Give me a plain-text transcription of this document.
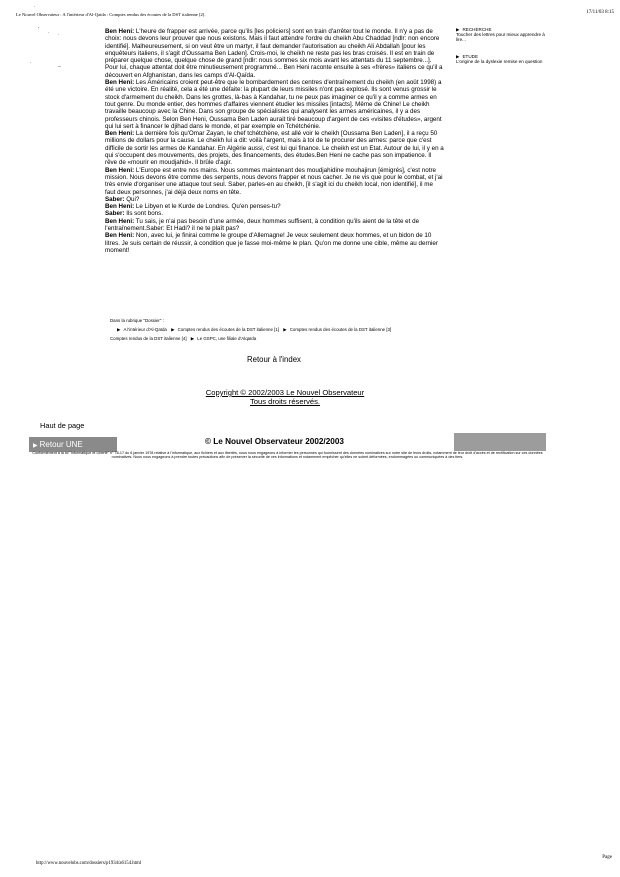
Le Nouvel Observateur : A l'intérieur d'Al-Qaïda : Comptes rendus des écoutes de la DST italienne [2].	17/11/03 8:15
·
' · ·
–
·

Ben Heni: L'heure de frapper est arrivée, parce qu'ils [les policiers] sont en train d'arrêter tout le monde. Il n'y a pas de choix: nous devons leur prouver que nous existons. Mais il faut attendre l'ordre du cheikh Abu Chaddad [ndlr: non encore identifié]. Malheureusement, si on veut être un martyr, il faut demander l'autorisation au cheikh Ali Abdallah [pour les enquêteurs italiens, il s'agit d'Oussama Ben Laden]. Crois-moi, le cheikh ne reste pas les bras croisés. Il est en train de préparer quelque chose, quelque chose de grand [ndlr: nous sommes six mois avant les attentats du 11 septembre...]. Pour lui, chaque attentat doit être minutieusement programmé... Ben Heni raconte ensuite à ses «frères» italiens ce qu'il a découvert en Afghanistan, dans les camps d'Al-Qaïda.

Ben Heni: Les Américains croient peut-être que le bombardement des centres d'entraînement du cheikh (en août 1998) a été une victoire. En réalité, cela a été une défaite: la plupart de leurs missiles n'ont pas explosé. Ils sont venus grossir le stock d'armement du cheikh. Dans les grottes, là-bas à Kandahar, tu ne peux pas imaginer ce qu'il y a comme armes en tout genre. Du monde entier, des hommes d'affaires viennent étudier les missiles [intacts]. Même de Chine! Le cheikh travaille beaucoup avec la Chine. Dans son groupe de spécialistes qui analysent les armes américaines, il y a des professeurs chinois. Selon Ben Heni, Oussama Ben Laden aurait tiré beaucoup d'argent de ces «visites d'études», argent qui lui sert à financer le djihad dans le monde, et par exemple en Tchétchénie.

Ben Heni: La dernière fois qu'Omar Zayan, le chef tchétchène, est allé voir le cheikh [Oussama Ben Laden], il a reçu 50 millions de dollars pour la cause. Le cheikh lui a dit: voilà l'argent, mais à toi de te procurer des armes: parce que c'est difficile de sortir les armes de Kandahar. En Algérie aussi, c'est lui qui finance. Le cheikh est un Etat. Autour de lui, il y en a qui s'occupent des mouvements, des projets, des financements, des études.Ben Heni ne cache pas son impatience. Il rêve de «mourir en moudjahid». Il brûle d'agir.

Ben Heni: L'Europe est entre nos mains. Nous sommes maintenant des moudjahidine mouhajirun [émigrés], c'est notre mission. Nous devons être comme des serpents, nous devons frapper et nous cacher. Je ne vis que pour le combat, et j'ai très envie d'organiser une attaque tout seul. Saber, parles-en au cheikh, [il s'agit ici du cheikh local, non identifié], il me faut deux personnes, j'ai déjà deux noms en tête.

Saber: Qui?

Ben Heni: Le Libyen et le Kurde de Londres. Qu'en penses-tu?

Saber: Ils sont bons.

Ben Heni: Tu sais, je n'ai pas besoin d'une armée, deux hommes suffisent, à condition qu'ils aient de la tête et de l'entraînement.Saber: Et Hadi? il ne te plaît pas?

Ben Heni: Non, avec lui, je finirai comme le groupe d'Allemagne! Je veux seulement deux hommes, et un bidon de 10 litres. Je suis certain de réussir, à condition que je fasse moi-même le plan. Qu'on me donne une cible, même au dernier moment!

▶ RECHERCHE
Toucher des lettres pour mieux apprendre à lire...
▶ ETUDE
L'origine de la dyslexie remise en question
Dans la rubrique "Dossier" :
▶ A l'intérieur d'Al-Qaïda ▶ Comptes rendus des écoutes de la DST italienne [1] ▶ Comptes rendus des écoutes de la DST italienne [3]
Comptes rendus de la DST italienne [4] ▶ Le GSPC, une filiale d'Alqaïda
Retour à l'index
Copyright © 2002/2003 Le Nouvel Observateur
Tous droits réservés.
Haut de page
▶ Retour UNE	© Le Nouvel Observateur 2002/2003
Conformément à la loi "Informatique et Liberté" n° 78-17 du 6 janvier 1978 relative à l'informatique, aux fichiers et aux libertés, nous nous engageons à informer les personnes qui fournissent des données nominatives sur notre site de leurs droits, notamment de leur droit d'accès et de rectification sur ces données nominatives. Nous nous engageons à prendre toutes précautions afin de préserver la sécurité de ces informations et notamment empêcher qu'elles ne soient déformées, endommagées ou communiquées à des tiers.
http://www.nouvelobs.com/dossiers/p1934/a6154.html
Page
